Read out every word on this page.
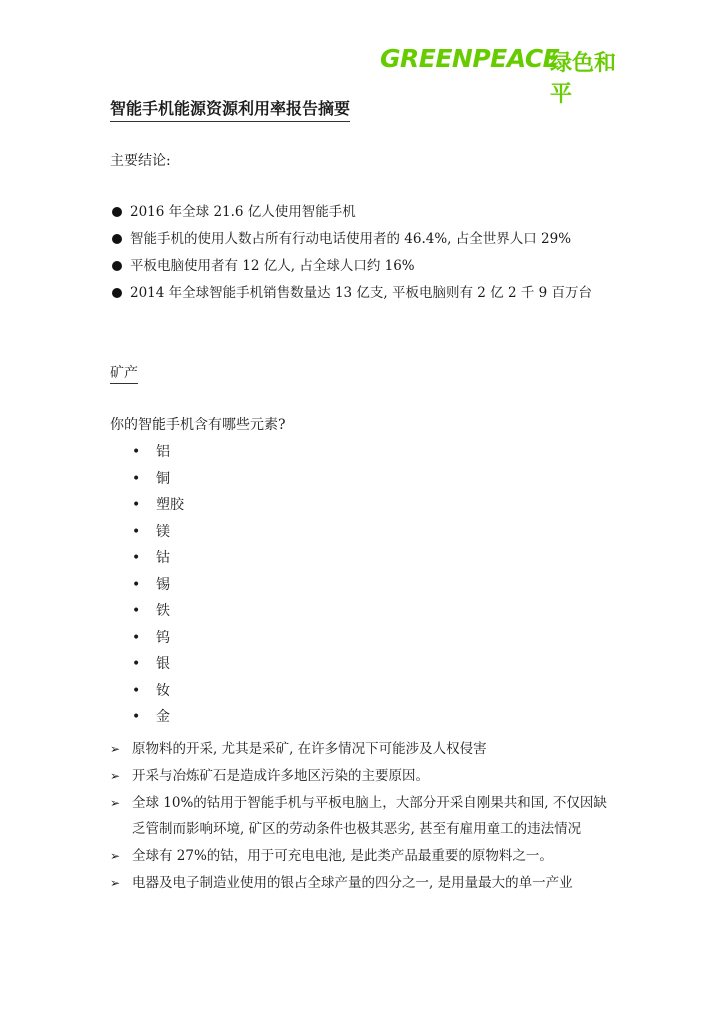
GREENPEACE
绿色和平
智能手机能源资源利用率报告摘要
主要结论:
2016 年全球 21.6 亿人使用智能手机
智能手机的使用人数占所有行动电话使用者的 46.4%, 占全世界人口 29%
平板电脑使用者有 12 亿人, 占全球人口约 16%
2014 年全球智能手机销售数量达 13 亿支, 平板电脑则有 2 亿 2 千 9 百万台
矿产
你的智能手机含有哪些元素?
•	铝
•	铜
•	塑胶
•	镁
•	钴
•	锡
•	铁
•	钨
•	银
•	钕
•	金
➢ 原物料的开采, 尤其是采矿, 在许多情况下可能涉及人权侵害
➢ 开采与冶炼矿石是造成许多地区污染的主要原因。
➢ 全球 10%的钴用于智能手机与平板电脑上，大部分开采自刚果共和国, 不仅因缺乏管制而影响环境, 矿区的劳动条件也极其恶劣, 甚至有雇用童工的违法情况
➢ 全球有 27%的钴，用于可充电电池, 是此类产品最重要的原物料之一。
➢ 电器及电子制造业使用的银占全球产量的四分之一, 是用量最大的单一产业
